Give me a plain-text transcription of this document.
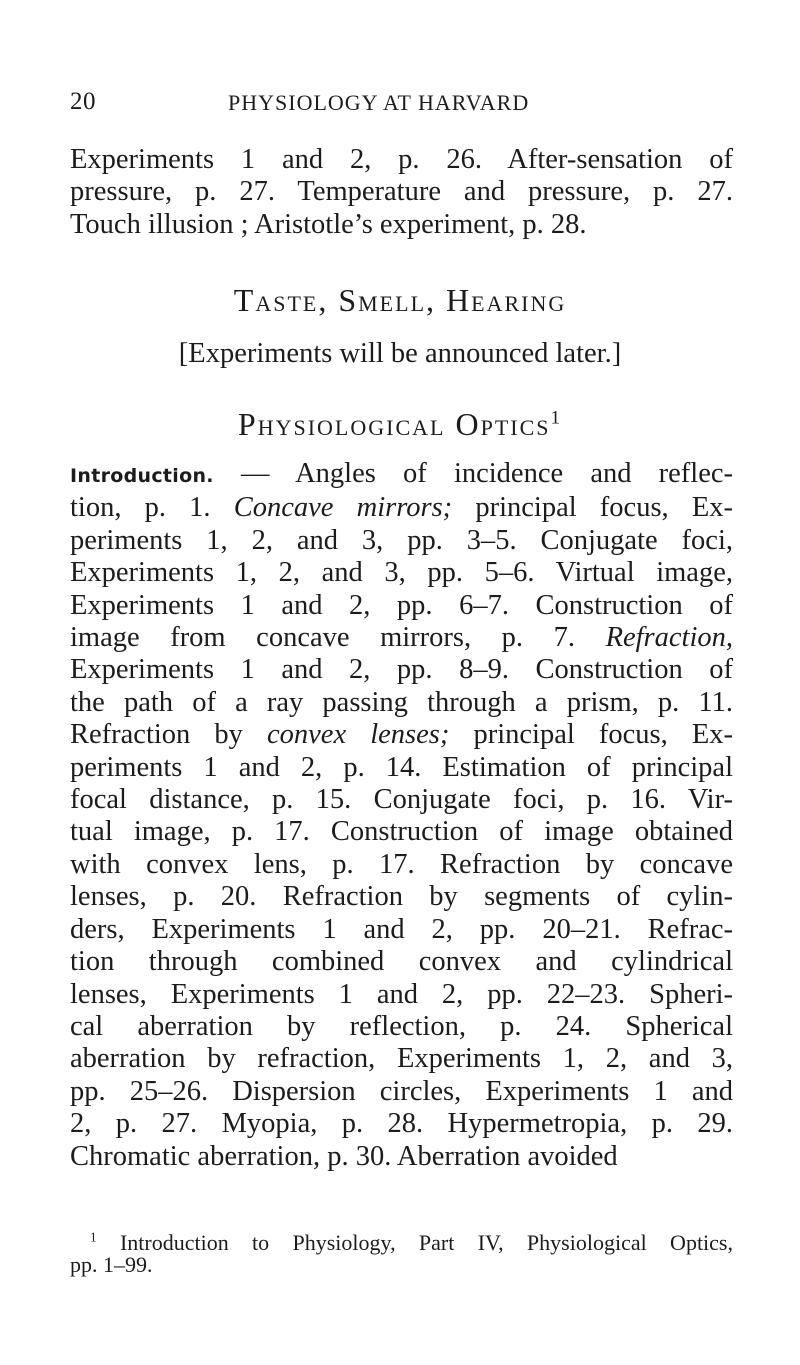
20	PHYSIOLOGY AT HARVARD
Experiments 1 and 2, p. 26. After-sensation of
pressure, p. 27. Temperature and pressure, p. 27.
Touch illusion ; Aristotle’s experiment, p. 28.
Taste, Smell, Hearing
[Experiments will be announced later.]
Physiological Optics$^1$
Introduction. — Angles of incidence and reflec-
tion, p. 1. Concave mirrors; principal focus, Ex-
periments 1, 2, and 3, pp. 3–5. Conjugate foci,
Experiments 1, 2, and 3, pp. 5–6. Virtual image,
Experiments 1 and 2, pp. 6–7. Construction of
image from concave mirrors, p. 7. Refraction,
Experiments 1 and 2, pp. 8–9. Construction of
the path of a ray passing through a prism, p. 11.
Refraction by convex lenses; principal focus, Ex-
periments 1 and 2, p. 14. Estimation of principal
focal distance, p. 15. Conjugate foci, p. 16. Vir-
tual image, p. 17. Construction of image obtained
with convex lens, p. 17. Refraction by concave
lenses, p. 20. Refraction by segments of cylin-
ders, Experiments 1 and 2, pp. 20–21. Refrac-
tion through combined convex and cylindrical
lenses, Experiments 1 and 2, pp. 22–23. Spheri-
cal aberration by reflection, p. 24. Spherical
aberration by refraction, Experiments 1, 2, and 3,
pp. 25–26. Dispersion circles, Experiments 1 and
2, p. 27. Myopia, p. 28. Hypermetropia, p. 29.
Chromatic aberration, p. 30. Aberration avoided
$^1$ Introduction to Physiology, Part IV, Physiological Optics,
pp. 1–99.
